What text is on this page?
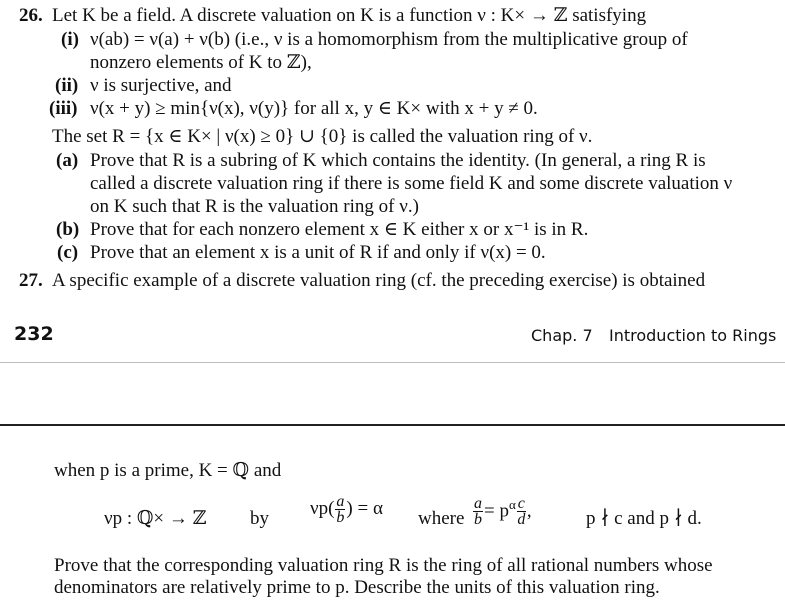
26. Let K be a field. A discrete valuation on K is a function ν : K× → ℤ satisfying
(i) ν(ab) = ν(a) + ν(b) (i.e., ν is a homomorphism from the multiplicative group of
nonzero elements of K to ℤ),
(ii) ν is surjective, and
(iii) ν(x + y) ≥ min{ν(x), ν(y)} for all x, y ∈ K× with x + y ≠ 0.
The set R = {x ∈ K× | ν(x) ≥ 0} ∪ {0} is called the valuation ring of ν.
(a) Prove that R is a subring of K which contains the identity. (In general, a ring R is
called a discrete valuation ring if there is some field K and some discrete valuation ν
on K such that R is the valuation ring of ν.)
(b) Prove that for each nonzero element x ∈ K either x or x⁻¹ is in R.
(c) Prove that an element x is a unit of R if and only if ν(x) = 0.
27. A specific example of a discrete valuation ring (cf. the preceding exercise) is obtained
232	Chap. 7 Introduction to Rings
when p is a prime, K = ℚ and
νp : ℚ× → ℤ by $\nu p( \frac{a}{b}$ ) = α where $\frac{a}{b} = p^\alpha \frac{c}{d}$ ,	p ∤ c and p ∤ d.
Prove that the corresponding valuation ring R is the ring of all rational numbers whose
denominators are relatively prime to p. Describe the units of this valuation ring.
